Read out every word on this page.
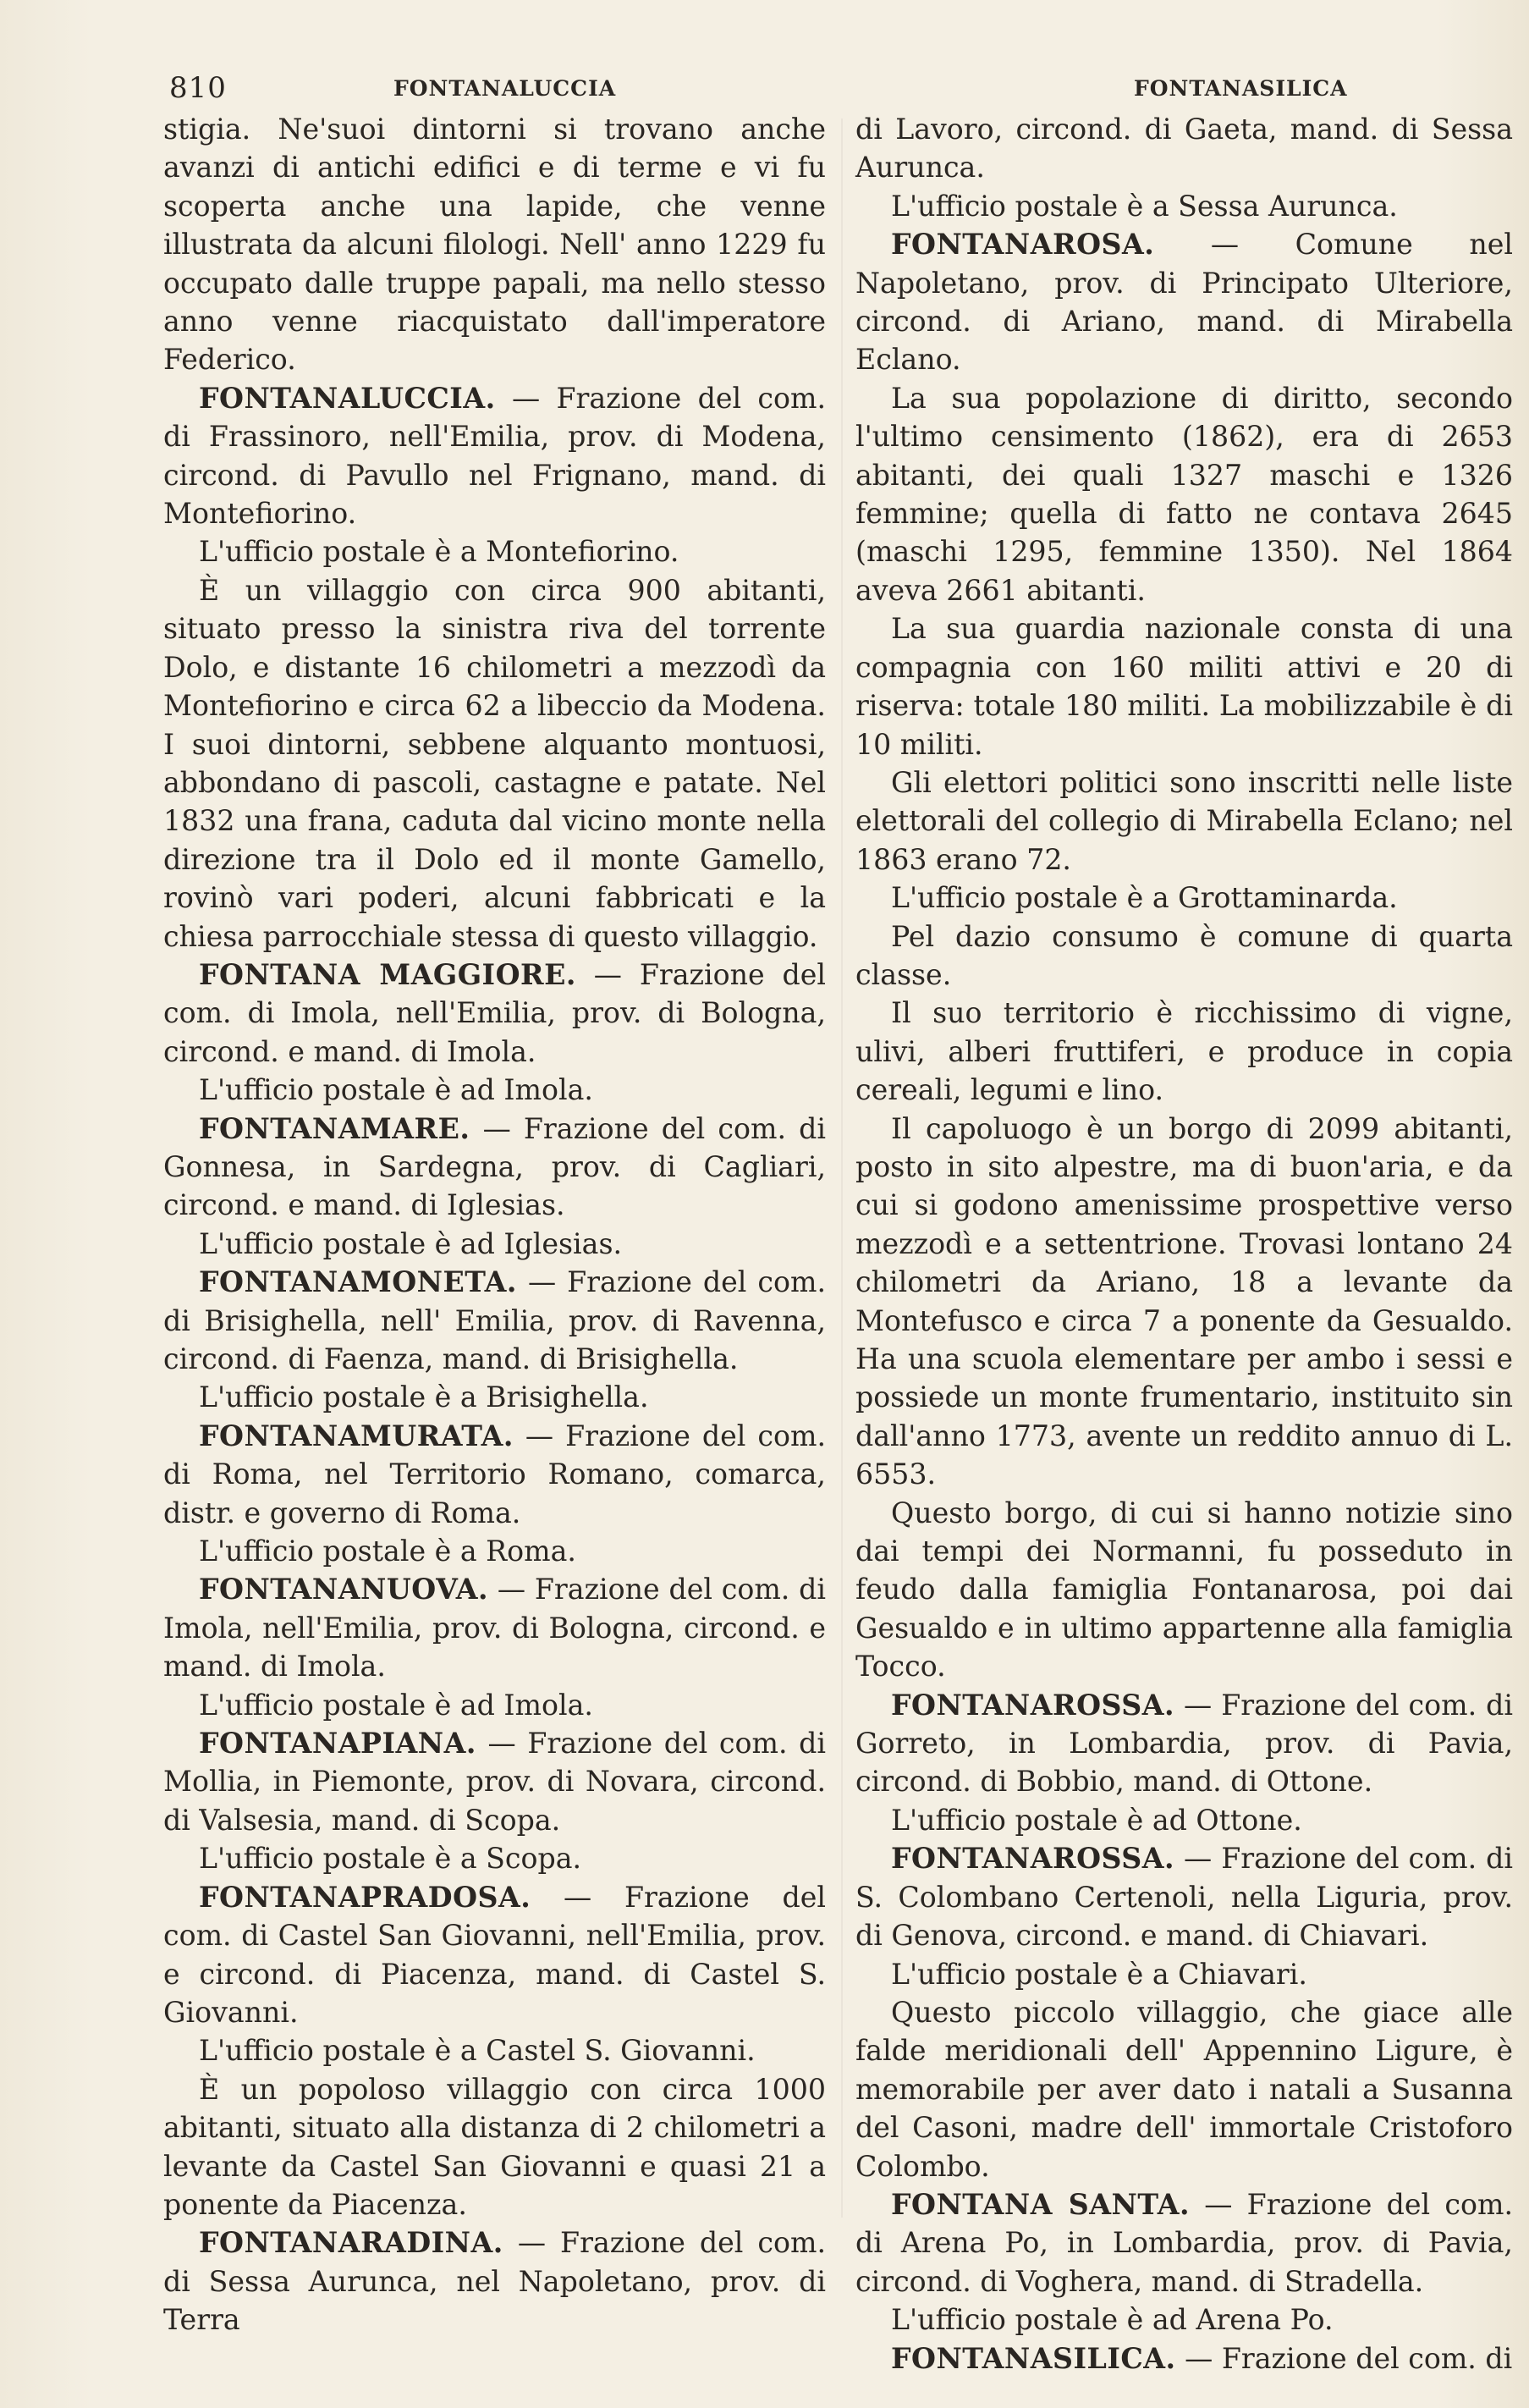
810	FONTANALUCCIA	FONTANASILICA

stigia. Ne'suoi dintorni si trovano anche avanzi di antichi edifici e di terme e vi fu scoperta anche una lapide, che venne illustrata da alcuni filologi. Nell' anno 1229 fu occupato dalle truppe papali, ma nello stesso anno venne riacquistato dall'imperatore Federico.

FONTANALUCCIA. — Frazione del com. di Frassinoro, nell'Emilia, prov. di Modena, circond. di Pavullo nel Frignano, mand. di Montefiorino.

L'ufficio postale è a Montefiorino.

È un villaggio con circa 900 abitanti, situato presso la sinistra riva del torrente Dolo, e distante 16 chilometri a mezzodì da Montefiorino e circa 62 a libeccio da Modena. I suoi dintorni, sebbene alquanto montuosi, abbondano di pascoli, castagne e patate. Nel 1832 una frana, caduta dal vicino monte nella direzione tra il Dolo ed il monte Gamello, rovinò vari poderi, alcuni fabbricati e la chiesa parrocchiale stessa di questo villaggio.

FONTANA MAGGIORE. — Frazione del com. di Imola, nell'Emilia, prov. di Bologna, circond. e mand. di Imola.

L'ufficio postale è ad Imola.

FONTANAMARE. — Frazione del com. di Gonnesa, in Sardegna, prov. di Cagliari, circond. e mand. di Iglesias.

L'ufficio postale è ad Iglesias.

FONTANAMONETA. — Frazione del com. di Brisighella, nell' Emilia, prov. di Ravenna, circond. di Faenza, mand. di Brisighella.

L'ufficio postale è a Brisighella.

FONTANAMURATA. — Frazione del com. di Roma, nel Territorio Romano, comarca, distr. e governo di Roma.

L'ufficio postale è a Roma.

FONTANANUOVA. — Frazione del com. di Imola, nell'Emilia, prov. di Bologna, circond. e mand. di Imola.

L'ufficio postale è ad Imola.

FONTANAPIANA. — Frazione del com. di Mollia, in Piemonte, prov. di Novara, circond. di Valsesia, mand. di Scopa.

L'ufficio postale è a Scopa.

FONTANAPRADOSA. — Frazione del com. di Castel San Giovanni, nell'Emilia, prov. e circond. di Piacenza, mand. di Castel S. Giovanni.

L'ufficio postale è a Castel S. Giovanni.

È un popoloso villaggio con circa 1000 abitanti, situato alla distanza di 2 chilometri a levante da Castel San Giovanni e quasi 21 a ponente da Piacenza.

FONTANARADINA. — Frazione del com. di Sessa Aurunca, nel Napoletano, prov. di Terra

di Lavoro, circond. di Gaeta, mand. di Sessa Aurunca.

L'ufficio postale è a Sessa Aurunca.

FONTANAROSA. — Comune nel Napoletano, prov. di Principato Ulteriore, circond. di Ariano, mand. di Mirabella Eclano.

La sua popolazione di diritto, secondo l'ultimo censimento (1862), era di 2653 abitanti, dei quali 1327 maschi e 1326 femmine; quella di fatto ne contava 2645 (maschi 1295, femmine 1350). Nel 1864 aveva 2661 abitanti.

La sua guardia nazionale consta di una compagnia con 160 militi attivi e 20 di riserva: totale 180 militi. La mobilizzabile è di 10 militi.

Gli elettori politici sono inscritti nelle liste elettorali del collegio di Mirabella Eclano; nel 1863 erano 72.

L'ufficio postale è a Grottaminarda.

Pel dazio consumo è comune di quarta classe.

Il suo territorio è ricchissimo di vigne, ulivi, alberi fruttiferi, e produce in copia cereali, legumi e lino.

Il capoluogo è un borgo di 2099 abitanti, posto in sito alpestre, ma di buon'aria, e da cui si godono amenissime prospettive verso mezzodì e a settentrione. Trovasi lontano 24 chilometri da Ariano, 18 a levante da Montefusco e circa 7 a ponente da Gesualdo. Ha una scuola elementare per ambo i sessi e possiede un monte frumentario, instituito sin dall'anno 1773, avente un reddito annuo di L. 6553.

Questo borgo, di cui si hanno notizie sino dai tempi dei Normanni, fu posseduto in feudo dalla famiglia Fontanarosa, poi dai Gesualdo e in ultimo appartenne alla famiglia Tocco.

FONTANAROSSA. — Frazione del com. di Gorreto, in Lombardia, prov. di Pavia, circond. di Bobbio, mand. di Ottone.

L'ufficio postale è ad Ottone.

FONTANAROSSA. — Frazione del com. di S. Colombano Certenoli, nella Liguria, prov. di Genova, circond. e mand. di Chiavari.

L'ufficio postale è a Chiavari.

Questo piccolo villaggio, che giace alle falde meridionali dell' Appennino Ligure, è memorabile per aver dato i natali a Susanna del Casoni, madre dell' immortale Cristoforo Colombo.

FONTANA SANTA. — Frazione del com. di Arena Po, in Lombardia, prov. di Pavia, circond. di Voghera, mand. di Stradella.

L'ufficio postale è ad Arena Po.

FONTANASILICA. — Frazione del com. di
